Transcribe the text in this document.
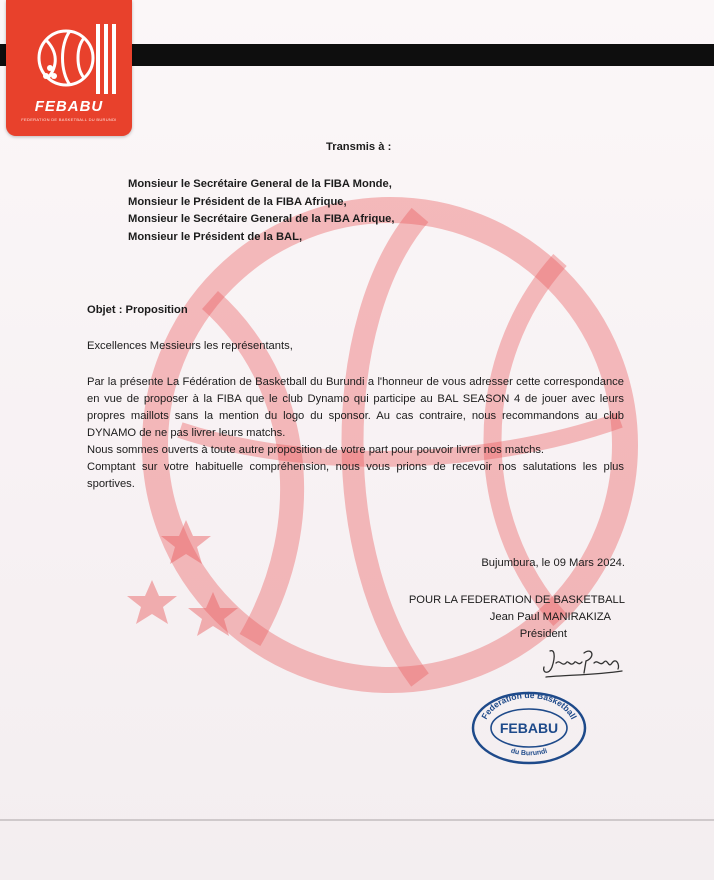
FEBABU
FEDERATION DE BASKETBALL DU BURUNDI
Transmis à :
Monsieur le Secrétaire General de la FIBA Monde,
Monsieur le Président de la FIBA Afrique,
Monsieur le Secrétaire General de la FIBA Afrique,
Monsieur le Président de la BAL,
Objet : Proposition
Excellences Messieurs les représentants,

Par la présente La Fédération de Basketball du Burundi a l'honneur de vous adresser cette correspondance en vue de proposer à la FIBA que le club Dynamo qui participe au BAL SEASON 4 de jouer avec leurs propres maillots sans la mention du logo du sponsor. Au cas contraire, nous recommandons au club DYNAMO de ne pas livrer leurs matchs.

Nous sommes ouverts à toute autre proposition de votre part pour pouvoir livrer nos matchs.

Comptant sur votre habituelle compréhension, nous vous prions de recevoir nos salutations les plus sportives.

Bujumbura, le 09 Mars 2024.
POUR LA FEDERATION DE BASKETBALL
Jean Paul MANIRAKIZA
Président
Federation de Basketball
FEBABU
du Burundi
